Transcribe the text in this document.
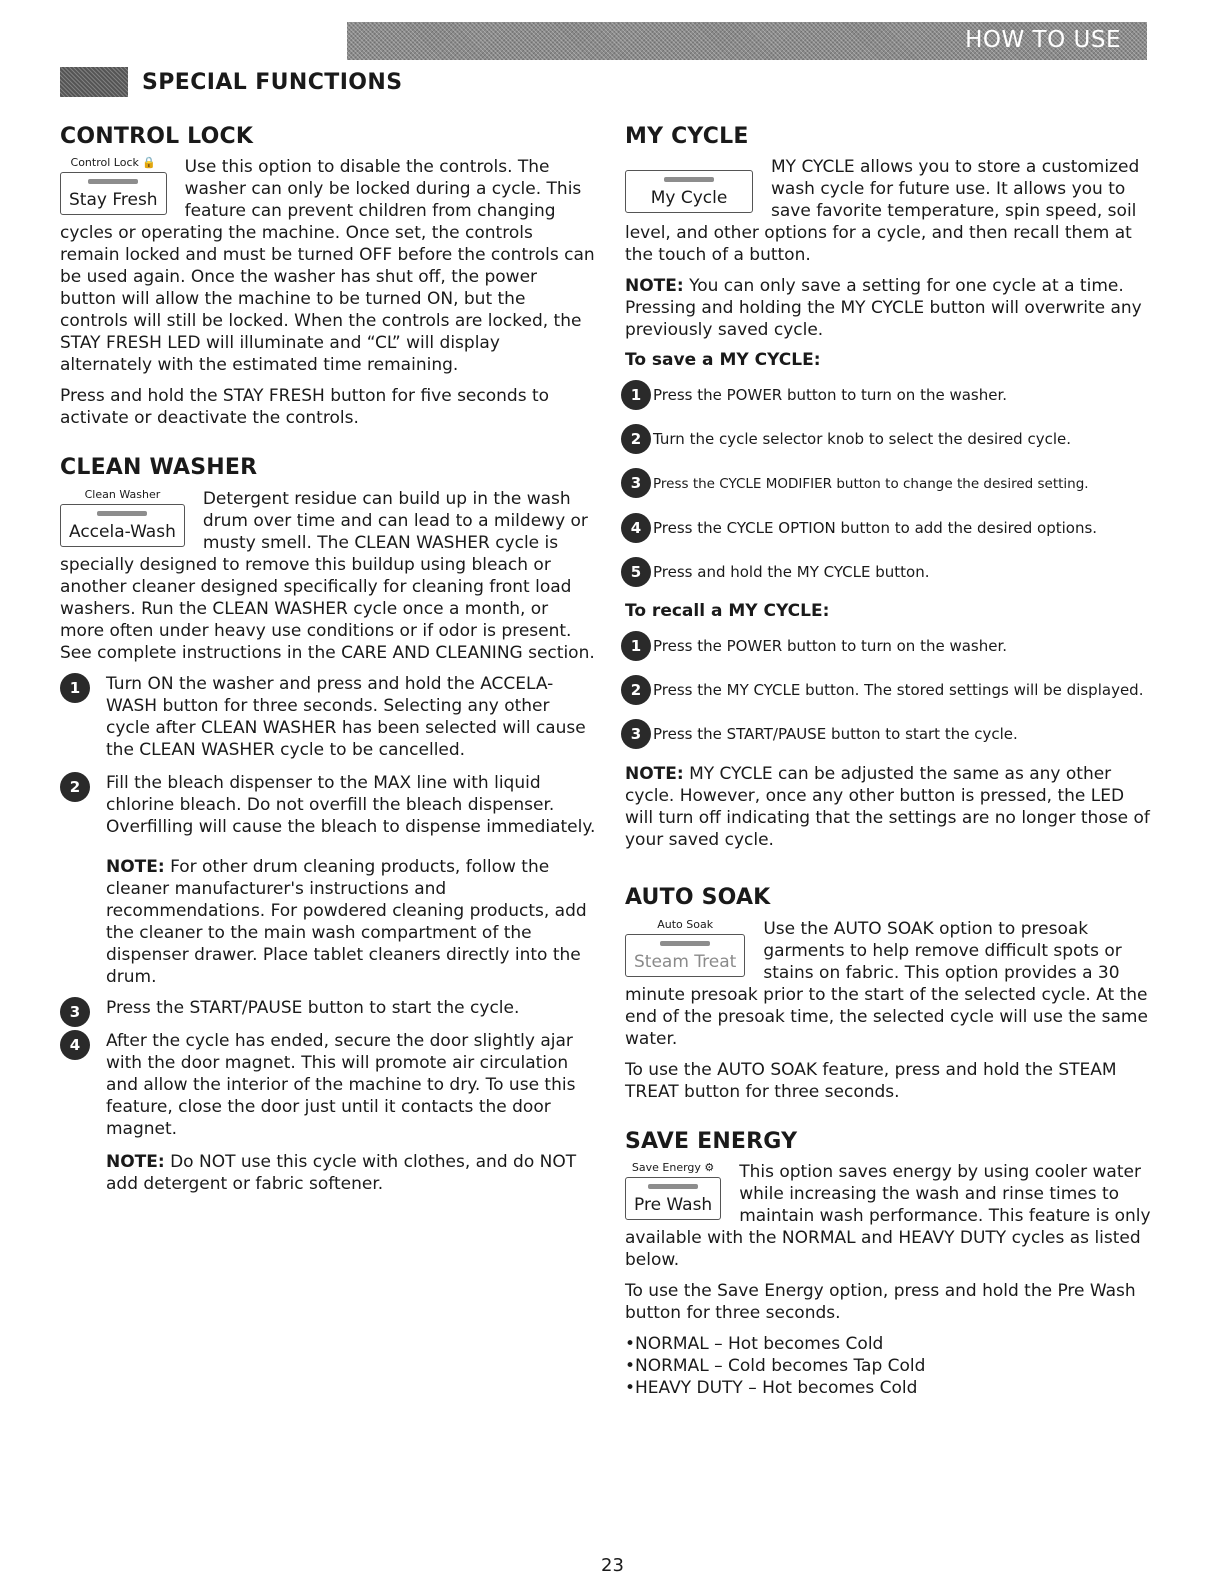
HOW TO USE
SPECIAL FUNCTIONS
CONTROL LOCK
Control Lock 🔒
Stay Fresh

Use this option to disable the controls. The washer can only be locked during a cycle. This feature can prevent children from changing cycles or operating the machine. Once set, the controls remain locked and must be turned OFF before the controls can be used again. Once the washer has shut off, the power button will allow the machine to be turned ON, but the controls will still be locked. When the controls are locked, the STAY FRESH LED will illuminate and “CL” will display alternately with the estimated time remaining.

Press and hold the STAY FRESH button for five seconds to activate or deactivate the controls.

CLEAN WASHER
Clean Washer
Accela-Wash

Detergent residue can build up in the wash drum over time and can lead to a mildewy or musty smell. The CLEAN WASHER cycle is specially designed to remove this buildup using bleach or another cleaner designed specifically for cleaning front load washers. Run the CLEAN WASHER cycle once a month, or more often under heavy use conditions or if odor is present. See complete instructions in the CARE AND CLEANING section.

1	Turn ON the washer and press and hold the ACCELA-WASH button for three seconds. Selecting any other cycle after CLEAN WASHER has been selected will cause the CLEAN WASHER cycle to be cancelled.
2	Fill the bleach dispenser to the MAX line with liquid chlorine bleach. Do not overfill the bleach dispenser. Overfilling will cause the bleach to dispense immediately.

NOTE: For other drum cleaning products, follow the cleaner manufacturer's instructions and recommendations. For powdered cleaning products, add the cleaner to the main wash compartment of the dispenser drawer. Place tablet cleaners directly into the drum.

3	Press the START/PAUSE button to start the cycle.
4	After the cycle has ended, secure the door slightly ajar with the door magnet. This will promote air circulation and allow the interior of the machine to dry. To use this feature, close the door just until it contacts the door magnet.

NOTE: Do NOT use this cycle with clothes, and do NOT add detergent or fabric softener.

MY CYCLE
My Cycle

MY CYCLE allows you to store a customized wash cycle for future use. It allows you to save favorite temperature, spin speed, soil level, and other options for a cycle, and then recall them at the touch of a button.

NOTE: You can only save a setting for one cycle at a time. Pressing and holding the MY CYCLE button will overwrite any previously saved cycle.

To save a MY CYCLE:
1 Press the POWER button to turn on the washer.
2 Turn the cycle selector knob to select the desired cycle.
3 Press the CYCLE MODIFIER button to change the desired setting.
4 Press the CYCLE OPTION button to add the desired options.
5 Press and hold the MY CYCLE button.
To recall a MY CYCLE:
1 Press the POWER button to turn on the washer.
2 Press the MY CYCLE button. The stored settings will be displayed.
3 Press the START/PAUSE button to start the cycle.

NOTE: MY CYCLE can be adjusted the same as any other cycle. However, once any other button is pressed, the LED will turn off indicating that the settings are no longer those of your saved cycle.

AUTO SOAK
Auto Soak
Steam Treat

Use the AUTO SOAK option to presoak garments to help remove difficult spots or stains on fabric. This option provides a 30 minute presoak prior to the start of the selected cycle. At the end of the presoak time, the selected cycle will use the same water.

To use the AUTO SOAK feature, press and hold the STEAM TREAT button for three seconds.

SAVE ENERGY
Save Energy ⚙
Pre Wash

This option saves energy by using cooler water while increasing the wash and rinse times to maintain wash performance. This feature is only available with the NORMAL and HEAVY DUTY cycles as listed below.

To use the Save Energy option, press and hold the Pre Wash button for three seconds.

•NORMAL – Hot becomes Cold
•NORMAL – Cold becomes Tap Cold
•HEAVY DUTY – Hot becomes Cold
23
